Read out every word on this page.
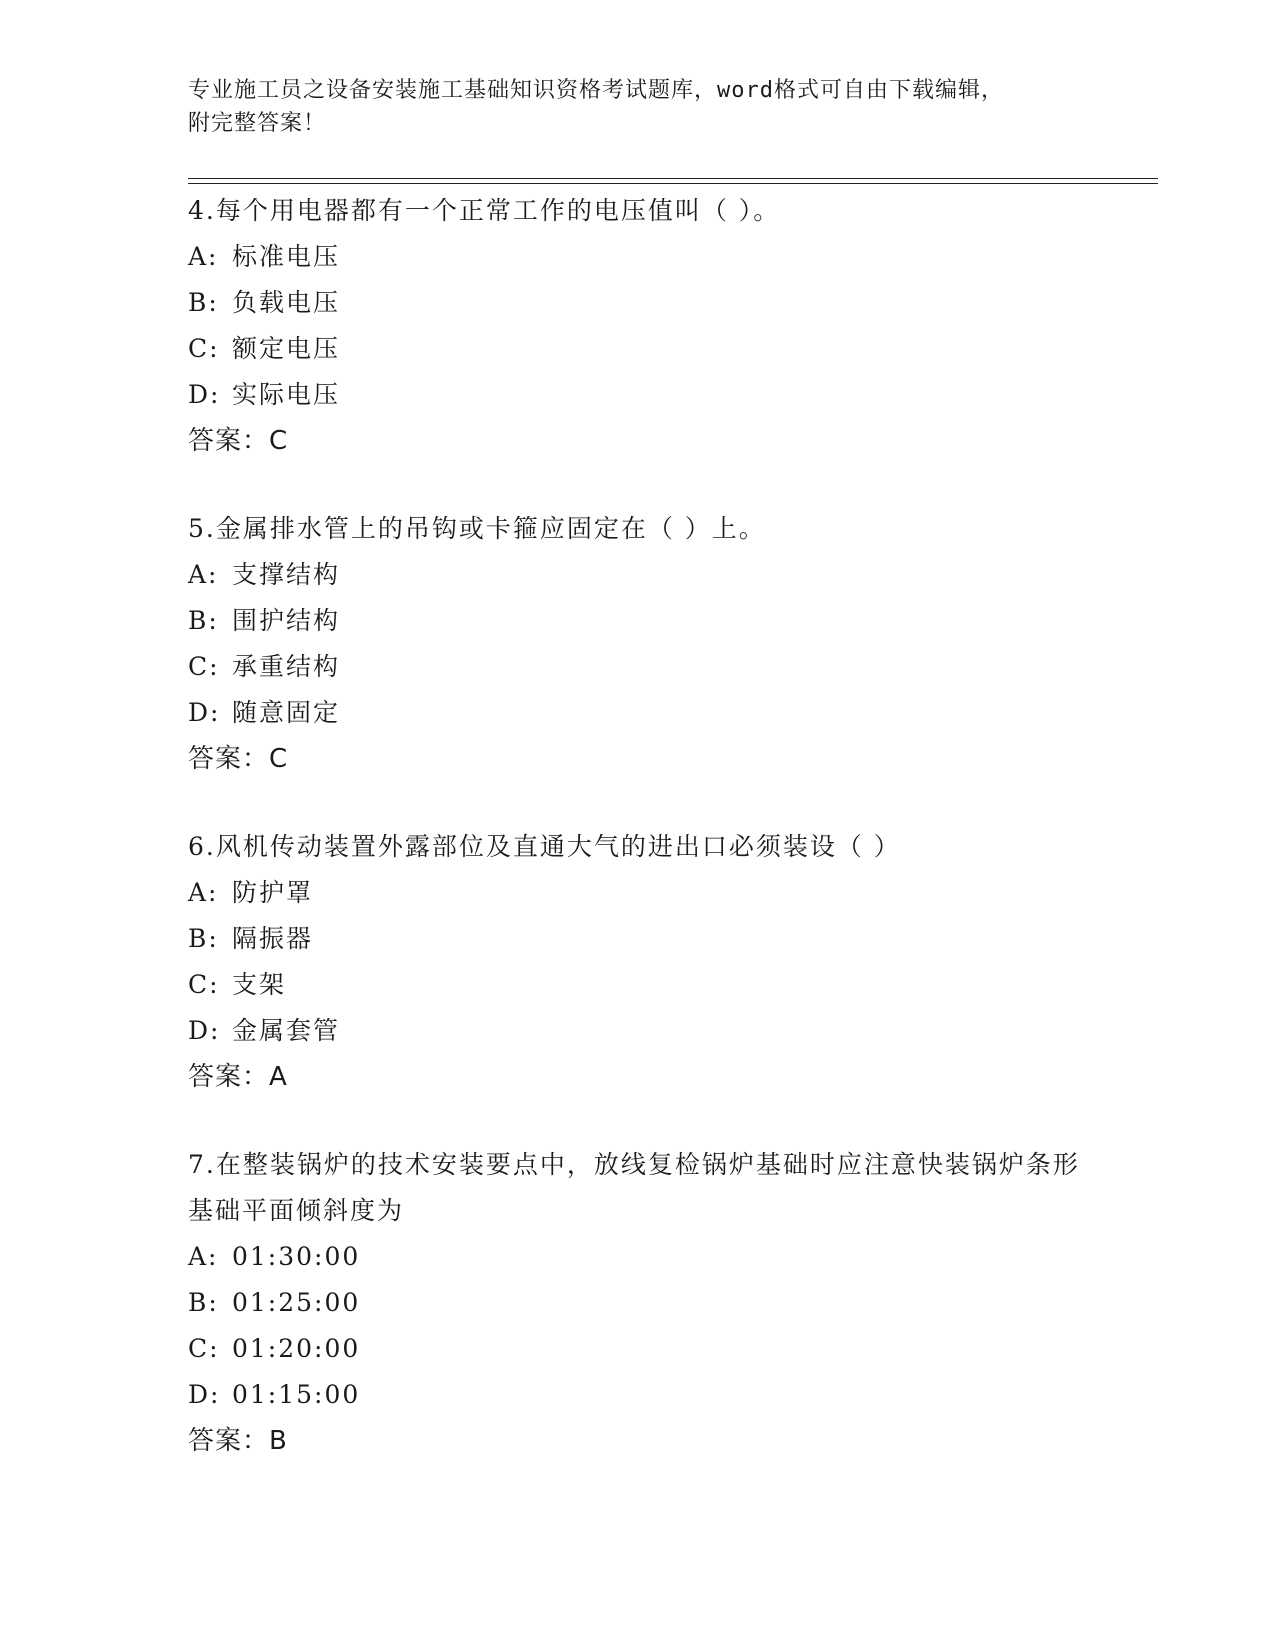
专业施工员之设备安装施工基础知识资格考试题库，word格式可自由下载编辑，
附完整答案！

4.每个用电器都有一个正常工作的电压值叫（ ）。

A: 标准电压
B: 负载电压
C: 额定电压
D: 实际电压
答案：C

5.金属排水管上的吊钩或卡箍应固定在（ ）上。

A: 支撑结构
B: 围护结构
C: 承重结构
D: 随意固定
答案：C

6.风机传动装置外露部位及直通大气的进出口必须装设（ ）

A: 防护罩
B: 隔振器
C: 支架
D: 金属套管
答案：A

7.在整装锅炉的技术安装要点中，放线复检锅炉基础时应注意快装锅炉条形基础平面倾斜度为

A: 01:30:00
B: 01:25:00
C: 01:20:00
D: 01:15:00
答案：B
